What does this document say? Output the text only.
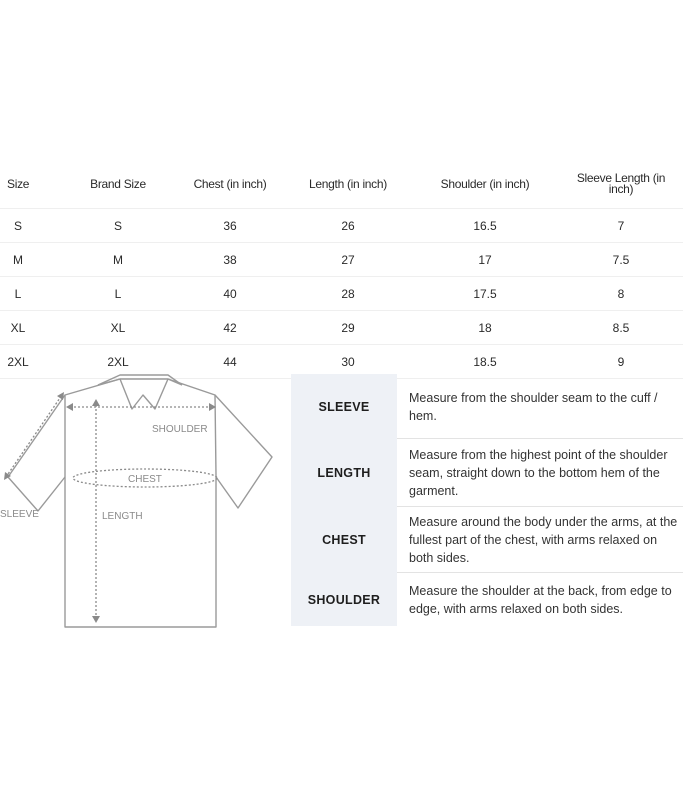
Size	Brand Size	Chest (in inch)	Length (in inch)	Shoulder (in inch)	Sleeve Length (in inch)
S	S	36	26	16.5	7
M	M	38	27	17	7.5
L	L	40	28	17.5	8
XL	XL	42	29	18	8.5
2XL	2XL	44	30	18.5	9
SHOULDER
CHEST
LENGTH
SLEEVE
SLEEVE
Measure from the shoulder seam to the cuff / hem.
LENGTH
Measure from the highest point of the shoulder seam, straight down to the bottom hem of the garment.
CHEST
Measure around the body under the arms, at the fullest part of the chest, with arms relaxed on both sides.
SHOULDER
Measure the shoulder at the back, from edge to edge, with arms relaxed on both sides.
